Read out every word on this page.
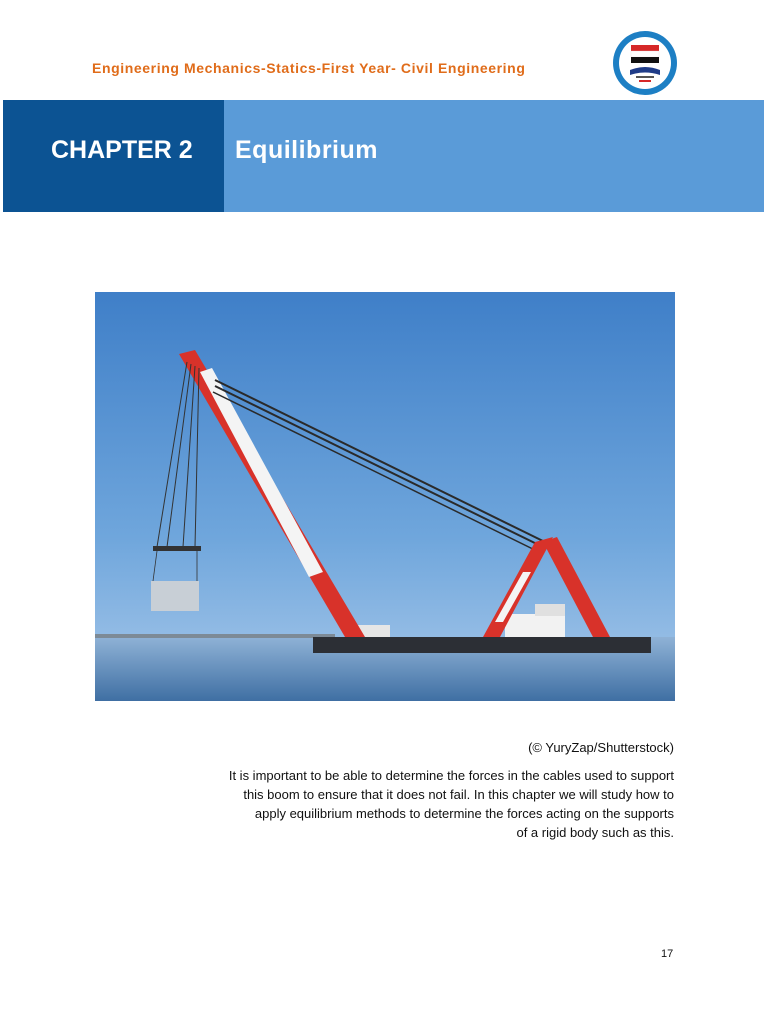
Engineering Mechanics-Statics-First Year- Civil Engineering
CHAPTER 2 Equilibrium
(© YuryZap/Shutterstock)
It is important to be able to determine the forces in the cables used to support
this boom to ensure that it does not fail. In this chapter we will study how to
apply equilibrium methods to determine the forces acting on the supports
of a rigid body such as this.
17
